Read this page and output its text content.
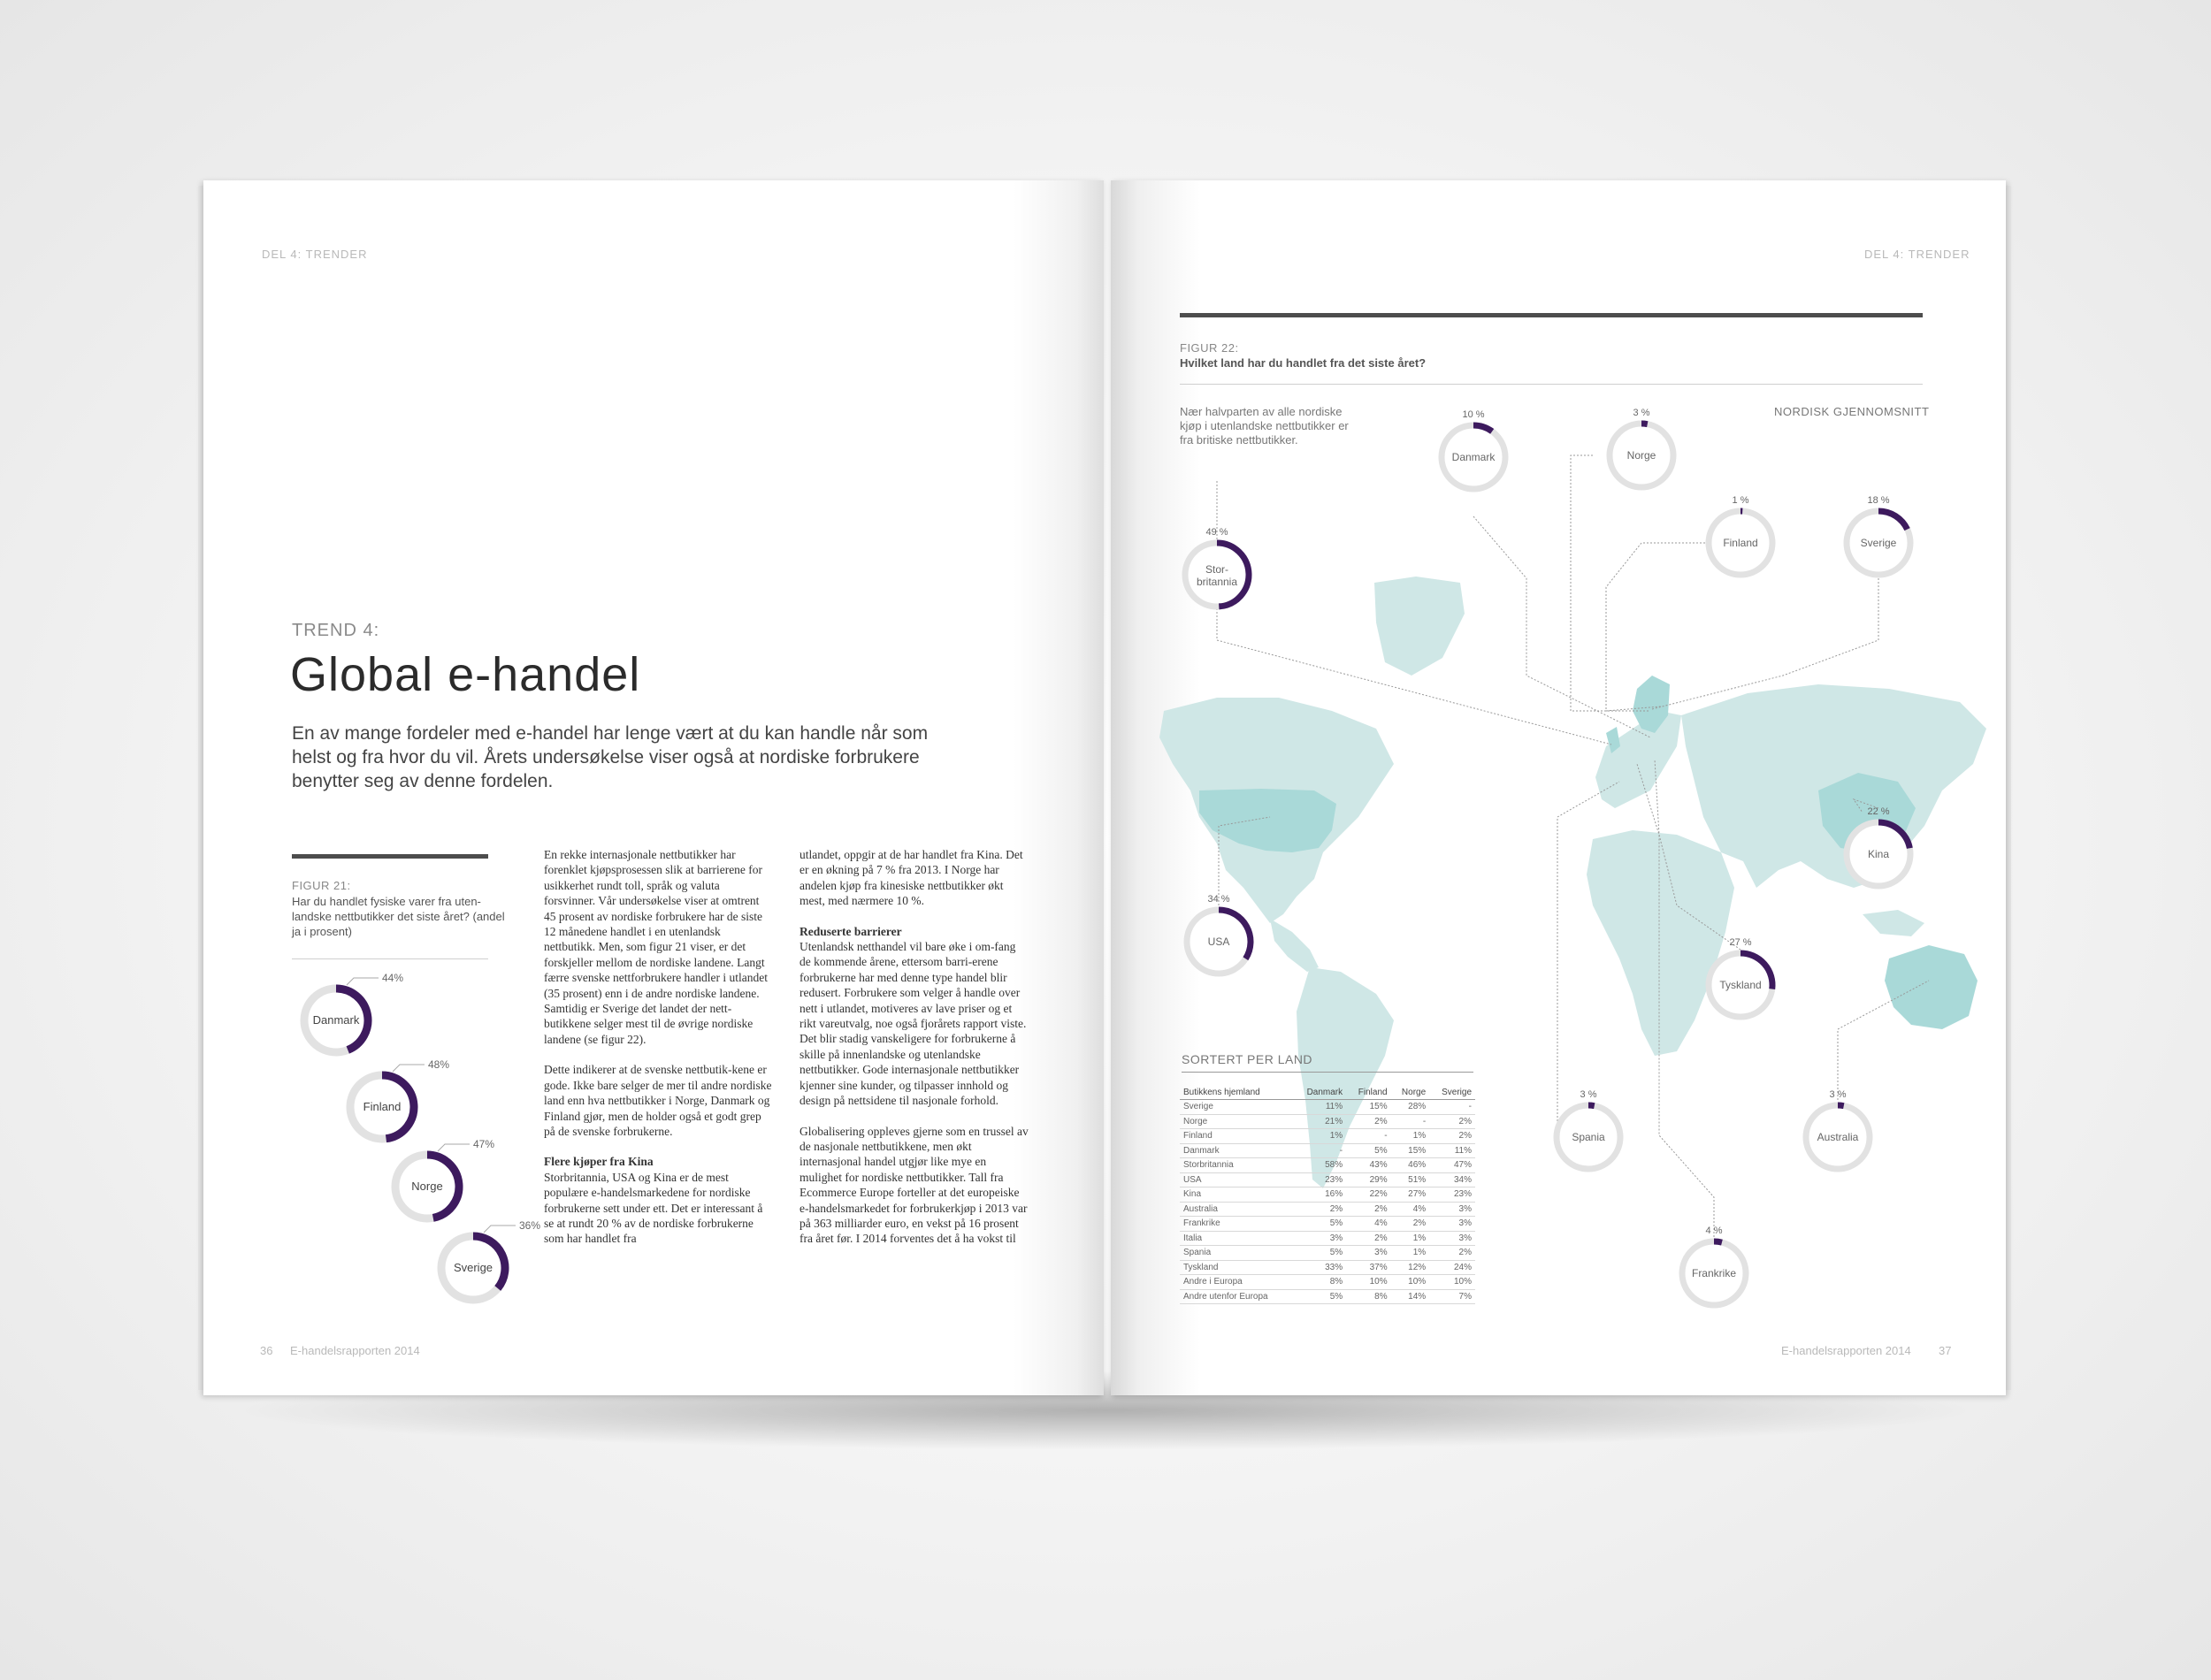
DEL 4: TRENDER
TREND 4:
Global e-handel
En av mange fordeler med e-handel har lenge vært at du kan handle når som helst og fra hvor du vil. Årets undersøkelse viser også at nordiske forbrukere benytter seg av denne fordelen.
FIGUR 21:
Har du handlet fysiske varer fra uten-landske nettbutikker det siste året? (andel ja i prosent)
Danmark
44%
Finland
48%
Norge
47%
Sverige
36%

En rekke internasjonale nettbutikker har forenklet kjøpsprosessen slik at barrierene for usikkerhet rundt toll, språk og valuta forsvinner. Vår undersøkelse viser at omtrent 45 prosent av nordiske forbrukere har de siste 12 månedene handlet i en utenlandsk nettbutikk. Men, som figur 21 viser, er det forskjeller mellom de nordiske landene. Langt færre svenske nettforbrukere handler i utlandet (35 prosent) enn i de andre nordiske landene. Samtidig er Sverige det landet der nett-butikkene selger mest til de øvrige nordiske landene (se figur 22).

Dette indikerer at de svenske nettbutik-kene er gode. Ikke bare selger de mer til andre nordiske land enn hva nettbutikker i Norge, Danmark og Finland gjør, men de holder også et godt grep på de svenske forbrukerne.

Flere kjøper fra Kina

Storbritannia, USA og Kina er de mest populære e-handelsmarkedene for nordiske forbrukerne sett under ett. Det er interessant å se at rundt 20 % av de nordiske forbrukerne som har handlet fra

utlandet, oppgir at de har handlet fra Kina. Det er en økning på 7 % fra 2013. I Norge har andelen kjøp fra kinesiske nettbutikker økt mest, med nærmere 10 %.

Reduserte barrierer

Utenlandsk netthandel vil bare øke i om-fang de kommende årene, ettersom barri-erene forbrukerne har med denne type handel blir redusert. Forbrukere som velger å handle over nett i utlandet, motiveres av lave priser og et rikt vareutvalg, noe også fjorårets rapport viste. Det blir stadig vanskeligere for forbrukerne å skille på innenlandske og utenlandske nettbutikker. Gode internasjonale nettbutikker kjenner sine kunder, og tilpasser innhold og design på nettsidene til nasjonale forhold.

Globalisering oppleves gjerne som en trussel av de nasjonale nettbutikkene, men økt internasjonal handel utgjør like mye en mulighet for nordiske nettbutikker. Tall fra Ecommerce Europe forteller at det europeiske e-handelsmarkedet for forbrukerkjøp i 2013 var på 363 milliarder euro, en vekst på 16 prosent fra året før. I 2014 forventes det å ha vokst til

36 E-handelsrapporten 2014
DEL 4: TRENDER
FIGUR 22:
Hvilket land har du handlet fra det siste året?
Nær halvparten av alle nordiske kjøp i utenlandske nettbutikker er fra britiske nettbutikker.
NORDISK GJENNOMSNITT
49 %
Stor-
britannia
10 %
Danmark
3 %
Norge
1 %
Finland
18 %
Sverige
22 %
Kina
34 %
USA	27 %
Tyskland
3 %
Spania
3 %
Australia
4 %
Frankrike
SORTERT PER LAND
Butikkens hjemland	Danmark	Finland	Norge	Sverige
Sverige	11%	15%	28%	-
Norge	21%	2%	-	2%
Finland	1%	-	1%	2%
Danmark	-	5%	15%	11%
Storbritannia	58%	43%	46%	47%
USA	23%	29%	51%	34%
Kina	16%	22%	27%	23%
Australia	2%	2%	4%	3%
Frankrike	5%	4%	2%	3%
Italia	3%	2%	1%	3%
Spania	5%	3%	1%	2%
Tyskland	33%	37%	12%	24%
Andre i Europa	8%	10%	10%	10%
Andre utenfor Europa	5%	8%	14%	7%
E-handelsrapporten 2014 37
